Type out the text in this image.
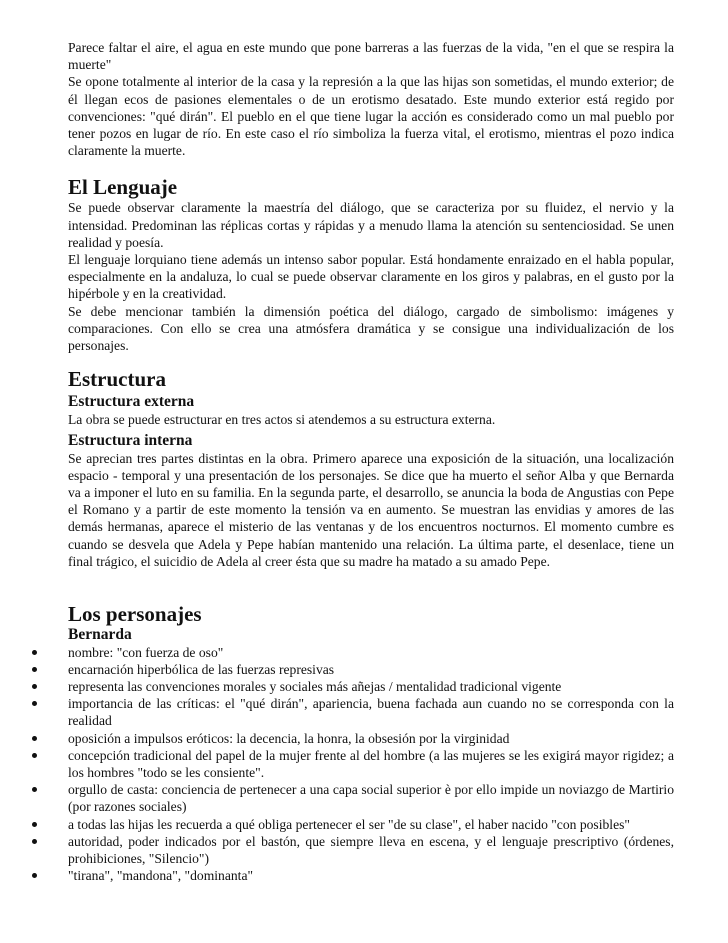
Parece faltar el aire, el agua en este mundo que pone barreras a las fuerzas de la vida, "en el que se respira la muerte"

Se opone totalmente al interior de la casa y la represión a la que las hijas son sometidas, el mundo exterior; de él llegan ecos de pasiones elementales o de un erotismo desatado. Este mundo exterior está regido por convenciones: "qué dirán". El pueblo en el que tiene lugar la acción es considerado como un mal pueblo por tener pozos en lugar de río. En este caso el río simboliza la fuerza vital, el erotismo, mientras el pozo indica claramente la muerte.

El Lenguaje

Se puede observar claramente la maestría del diálogo, que se caracteriza por su fluidez, el nervio y la intensidad. Predominan las réplicas cortas y rápidas y a menudo llama la atención su sentenciosidad. Se unen realidad y poesía.

El lenguaje lorquiano tiene además un intenso sabor popular. Está hondamente enraizado en el habla popular, especialmente en la andaluza, lo cual se puede observar claramente en los giros y palabras, en el gusto por la hipérbole y en la creatividad.

Se debe mencionar también la dimensión poética del diálogo, cargado de simbolismo: imágenes y comparaciones. Con ello se crea una atmósfera dramática y se consigue una individualización de los personajes.

Estructura
Estructura externa

La obra se puede estructurar en tres actos si atendemos a su estructura externa.

Estructura interna

Se aprecian tres partes distintas en la obra. Primero aparece una exposición de la situación, una localización espacio - temporal y una presentación de los personajes. Se dice que ha muerto el señor Alba y que Bernarda va a imponer el luto en su familia. En la segunda parte, el desarrollo, se anuncia la boda de Angustias con Pepe el Romano y a partir de este momento la tensión va en aumento. Se muestran las envidias y amores de las demás hermanas, aparece el misterio de las ventanas y de los encuentros nocturnos. El momento cumbre es cuando se desvela que Adela y Pepe habían mantenido una relación. La última parte, el desenlace, tiene un final trágico, el suicidio de Adela al creer ésta que su madre ha matado a su amado Pepe.

Los personajes
Bernarda
nombre: "con fuerza de oso"
encarnación hiperbólica de las fuerzas represivas
representa las convenciones morales y sociales más añejas / mentalidad tradicional vigente
importancia de las críticas: el "qué dirán", apariencia, buena fachada aun cuando no se corresponda con la realidad
oposición a impulsos eróticos: la decencia, la honra, la obsesión por la virginidad
concepción tradicional del papel de la mujer frente al del hombre (a las mujeres se les exigirá mayor rigidez; a los hombres "todo se les consiente".
orgullo de casta: conciencia de pertenecer a una capa social superior è por ello impide un noviazgo de Martirio (por razones sociales)
a todas las hijas les recuerda a qué obliga pertenecer el ser "de su clase", el haber nacido "con posibles"
autoridad, poder indicados por el bastón, que siempre lleva en escena, y el lenguaje prescriptivo (órdenes, prohibiciones, "Silencio")
"tirana", "mandona", "dominanta"
